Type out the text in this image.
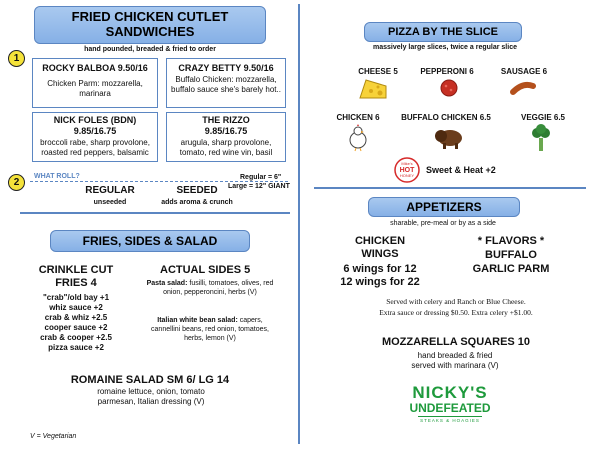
FRIED CHICKEN CUTLET SANDWICHES
hand pounded, breaded & fried to order
1
ROCKY BALBOA 9.50/16
Chicken Parm: mozzarella, marinara
CRAZY BETTY 9.50/16
Buffalo Chicken: mozzarella, buffalo sauce she's barely hot..
NICK FOLES (BDN) 9.85/16.75
broccoli rabe, sharp provolone, roasted red peppers, balsamic
THE RIZZO 9.85/16.75
arugula, sharp provolone, tomato, red wine vin, basil
2
WHAT ROLL?
REGULAR
unseeded
SEEDED
adds aroma & crunch
Regular = 6"
Large = 12" GIANT
FRIES, SIDES & SALAD
CRINKLE CUT FRIES 4
"crab"/old bay +1
whiz sauce +2
crab & whiz +2.5
cooper sauce +2
crab & cooper +2.5
pizza sauce +2
ACTUAL SIDES 5
Pasta salad: fusilli, tomatoes, olives, red onion, pepperoncini, herbs (V)
Italian white bean salad: capers, cannellini beans, red onion, tomatoes, herbs, lemon (V)
ROMAINE SALAD SM 6/ LG 14
romaine lettuce, onion, tomato parmesan, Italian dressing (V)
V = Vegetarian
PIZZA BY THE SLICE
massively large slices, twice a regular slice
CHEESE 5	PEPPERONI 6	SAUSAGE 6
CHICKEN 6	BUFFALO CHICKEN 6.5	VEGGIE 6.5
Mike's
HOT
HONEY
Sweet & Heat +2
APPETIZERS
sharable, pre-meal or by as a side
CHICKEN WINGS
6 wings for 12
12 wings for 22
* FLAVORS *
BUFFALO
GARLIC PARM
Served with celery and Ranch or Blue Cheese.
Extra sauce or dressing $0.50. Extra celery +$1.00.
MOZZARELLA SQUARES 10
hand breaded & fried
served with marinara (V)
NICKY'S
UNDEFEATED
STEAKS & HOAGIES
